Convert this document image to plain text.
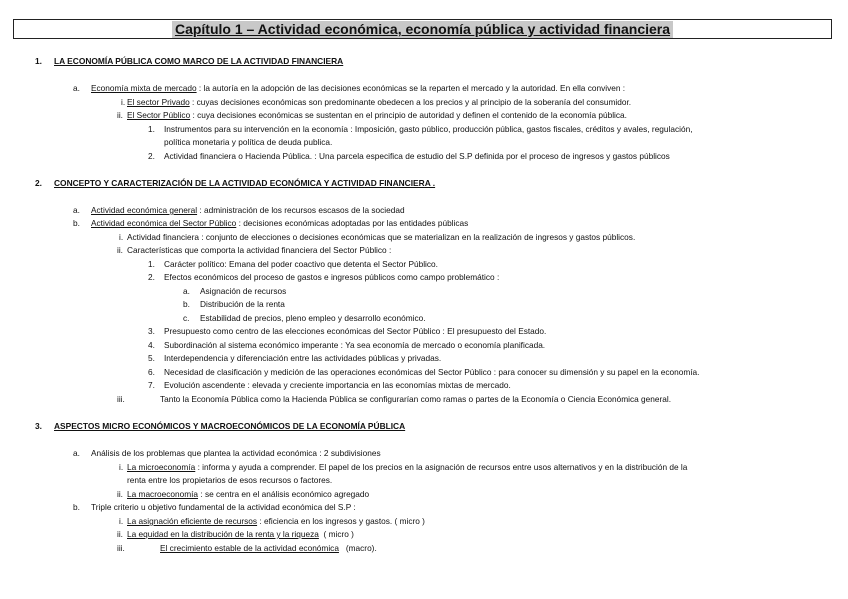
Capítulo 1 – Actividad económica, economía pública y actividad financiera
1. LA ECONOMÍA PÚBLICA COMO MARCO DE LA ACTIVIDAD FINANCIERA
a. Economía mixta de mercado : la autoría en la adopción de las decisiones económicas se la reparten el mercado y la autoridad. En ella conviven :
i. El sector Privado : cuyas decisiones económicas son predominante obedecen a los precios y al principio de la soberanía del consumidor.
ii. El Sector Público : cuya decisiones económicas se sustentan en el principio de autoridad y definen el contenido de la economía pública.
1. Instrumentos para su intervención en la economía : Imposición, gasto público, producción pública, gastos fiscales, créditos y avales, regulación,
política monetaria y política de deuda publica.
2. Actividad financiera o Hacienda Pública. : Una parcela especifica de estudio del S.P definida por el proceso de ingresos y gastos públicos
2. CONCEPTO Y CARACTERIZACIÓN DE LA ACTIVIDAD ECONÓMICA Y ACTIVIDAD FINANCIERA .
a. Actividad económica general : administración de los recursos escasos de la sociedad
b. Actividad económica del Sector Público : decisiones económicas adoptadas por las entidades públicas
i. Actividad financiera : conjunto de elecciones o decisiones económicas que se materializan en la realización de ingresos y gastos públicos.
ii. Características que comporta la actividad financiera del Sector Público :
1. Carácter político: Emana del poder coactivo que detenta el Sector Público.
2. Efectos económicos del proceso de gastos e ingresos públicos como campo problemático :
a. Asignación de recursos
b. Distribución de la renta
c. Estabilidad de precios, pleno empleo y desarrollo económico.
3. Presupuesto como centro de las elecciones económicas del Sector Público : El presupuesto del Estado.
4. Subordinación al sistema económico imperante : Ya sea economía de mercado o economía planificada.
5. Interdependencia y diferenciación entre las actividades públicas y privadas.
6. Necesidad de clasificación y medición de las operaciones económicas del Sector Público : para conocer su dimensión y su papel en la economía.
7. Evolución ascendente : elevada y creciente importancia en las economías mixtas de mercado.
iii.	Tanto la Economía Pública como la Hacienda Pública se configurarían como ramas o partes de la Economía o Ciencia Económica general.
3. ASPECTOS MICRO ECONÓMICOS Y MACROECONÓMICOS DE LA ECONOMÍA PÚBLICA
a. Análisis de los problemas que plantea la actividad económica : 2 subdivisiones
i. La microeconomía : informa y ayuda a comprender. El papel de los precios en la asignación de recursos entre usos alternativos y en la distribución de la
renta entre los propietarios de esos recursos o factores.
ii. La macroeconomía : se centra en el análisis económico agregado
b. Triple criterio u objetivo fundamental de la actividad económica del S.P :
i. La asignación eficiente de recursos : eficiencia en los ingresos y gastos. ( micro )
ii. La equidad en la distribución de la renta y la riqueza  ( micro )
iii.	El crecimiento estable de la actividad económica   (macro).
